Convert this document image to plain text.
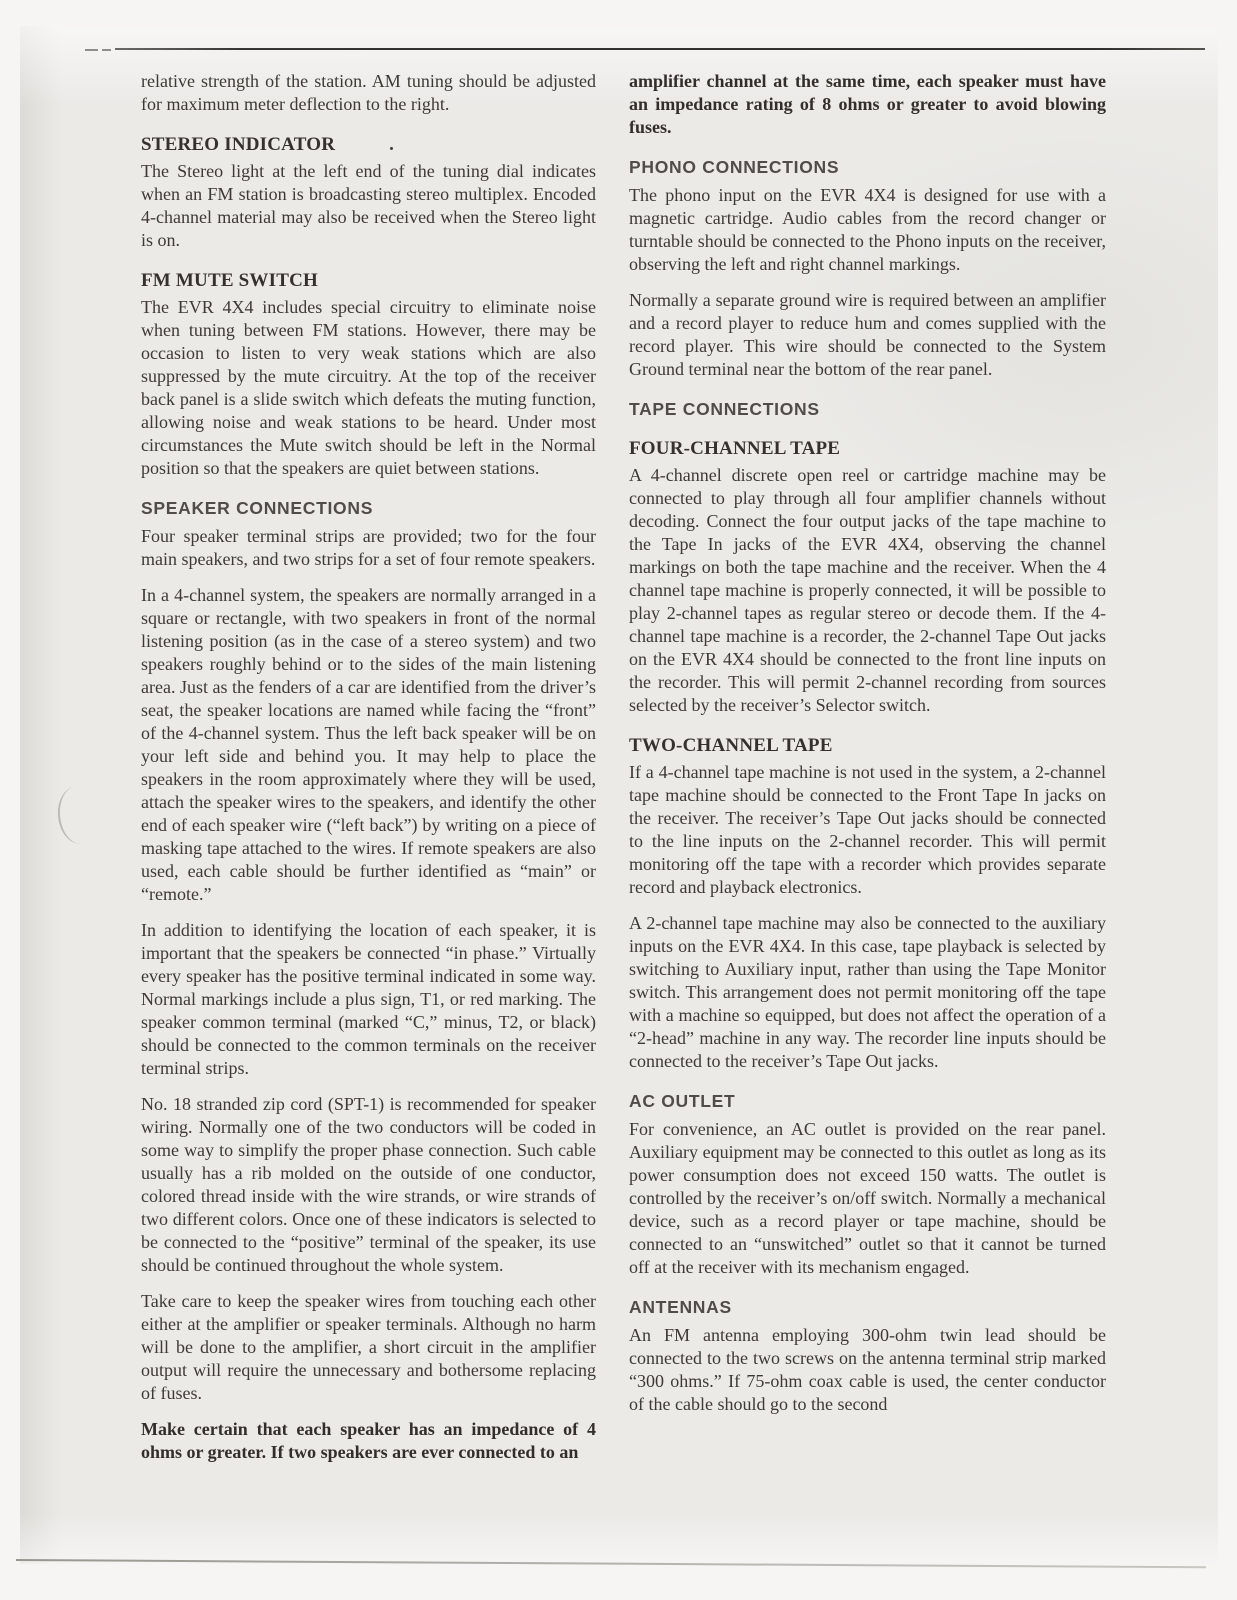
relative strength of the station. AM tuning should be adjusted for maximum meter deflection to the right.

STEREO INDICATOR	.

The Stereo light at the left end of the tuning dial indicates when an FM station is broadcasting stereo multiplex. Encoded 4-channel material may also be received when the Stereo light is on.

FM MUTE SWITCH

The EVR 4X4 includes special circuitry to eliminate noise when tuning between FM stations. However, there may be occasion to listen to very weak stations which are also suppressed by the mute circuitry. At the top of the receiver back panel is a slide switch which defeats the muting function, allowing noise and weak stations to be heard. Under most circumstances the Mute switch should be left in the Normal position so that the speakers are quiet between stations.

SPEAKER CONNECTIONS

Four speaker terminal strips are provided; two for the four main speakers, and two strips for a set of four remote speakers.

In a 4-channel system, the speakers are normally arranged in a square or rectangle, with two speakers in front of the normal listening position (as in the case of a stereo system) and two speakers roughly behind or to the sides of the main listening area. Just as the fenders of a car are identified from the driver’s seat, the speaker locations are named while facing the “front” of the 4-channel system. Thus the left back speaker will be on your left side and behind you. It may help to place the speakers in the room approximately where they will be used, attach the speaker wires to the speakers, and identify the other end of each speaker wire (“left back”) by writing on a piece of masking tape attached to the wires. If remote speakers are also used, each cable should be further identified as “main” or “remote.”

In addition to identifying the location of each speaker, it is important that the speakers be connected “in phase.” Virtually every speaker has the positive terminal indicated in some way. Normal markings include a plus sign, T1, or red marking. The speaker common terminal (marked “C,” minus, T2, or black) should be connected to the common terminals on the receiver terminal strips.

No. 18 stranded zip cord (SPT-1) is recommended for speaker wiring. Normally one of the two conductors will be coded in some way to simplify the proper phase connection. Such cable usually has a rib molded on the outside of one conductor, colored thread inside with the wire strands, or wire strands of two different colors. Once one of these indicators is selected to be connected to the “positive” terminal of the speaker, its use should be continued throughout the whole system.

Take care to keep the speaker wires from touching each other either at the amplifier or speaker terminals. Although no harm will be done to the amplifier, a short circuit in the amplifier output will require the unnecessary and bothersome replacing of fuses.

Make certain that each speaker has an impedance of 4 ohms or greater. If two speakers are ever connected to an

amplifier channel at the same time, each speaker must have an impedance rating of 8 ohms or greater to avoid blowing fuses.

PHONO CONNECTIONS

The phono input on the EVR 4X4 is designed for use with a magnetic cartridge. Audio cables from the record changer or turntable should be connected to the Phono inputs on the receiver, observing the left and right channel markings.

Normally a separate ground wire is required between an amplifier and a record player to reduce hum and comes supplied with the record player. This wire should be connected to the System Ground terminal near the bottom of the rear panel.

TAPE CONNECTIONS
FOUR-CHANNEL TAPE

A 4-channel discrete open reel or cartridge machine may be connected to play through all four amplifier channels without decoding. Connect the four output jacks of the tape machine to the Tape In jacks of the EVR 4X4, observing the channel markings on both the tape machine and the receiver. When the 4 channel tape machine is properly connected, it will be possible to play 2-channel tapes as regular stereo or decode them. If the 4-channel tape machine is a recorder, the 2-channel Tape Out jacks on the EVR 4X4 should be connected to the front line inputs on the recorder. This will permit 2-channel recording from sources selected by the receiver’s Selector switch.

TWO-CHANNEL TAPE

If a 4-channel tape machine is not used in the system, a 2-channel tape machine should be connected to the Front Tape In jacks on the receiver. The receiver’s Tape Out jacks should be connected to the line inputs on the 2-channel recorder. This will permit monitoring off the tape with a recorder which provides separate record and playback electronics.

A 2-channel tape machine may also be connected to the auxiliary inputs on the EVR 4X4. In this case, tape playback is selected by switching to Auxiliary input, rather than using the Tape Monitor switch. This arrangement does not permit monitoring off the tape with a machine so equipped, but does not affect the operation of a “2-head” machine in any way. The recorder line inputs should be connected to the receiver’s Tape Out jacks.

AC OUTLET

For convenience, an AC outlet is provided on the rear panel. Auxiliary equipment may be connected to this outlet as long as its power consumption does not exceed 150 watts. The outlet is controlled by the receiver’s on/off switch. Normally a mechanical device, such as a record player or tape machine, should be connected to an “unswitched” outlet so that it cannot be turned off at the receiver with its mechanism engaged.

ANTENNAS

An FM antenna employing 300-ohm twin lead should be connected to the two screws on the antenna terminal strip marked “300 ohms.” If 75-ohm coax cable is used, the center conductor of the cable should go to the second
